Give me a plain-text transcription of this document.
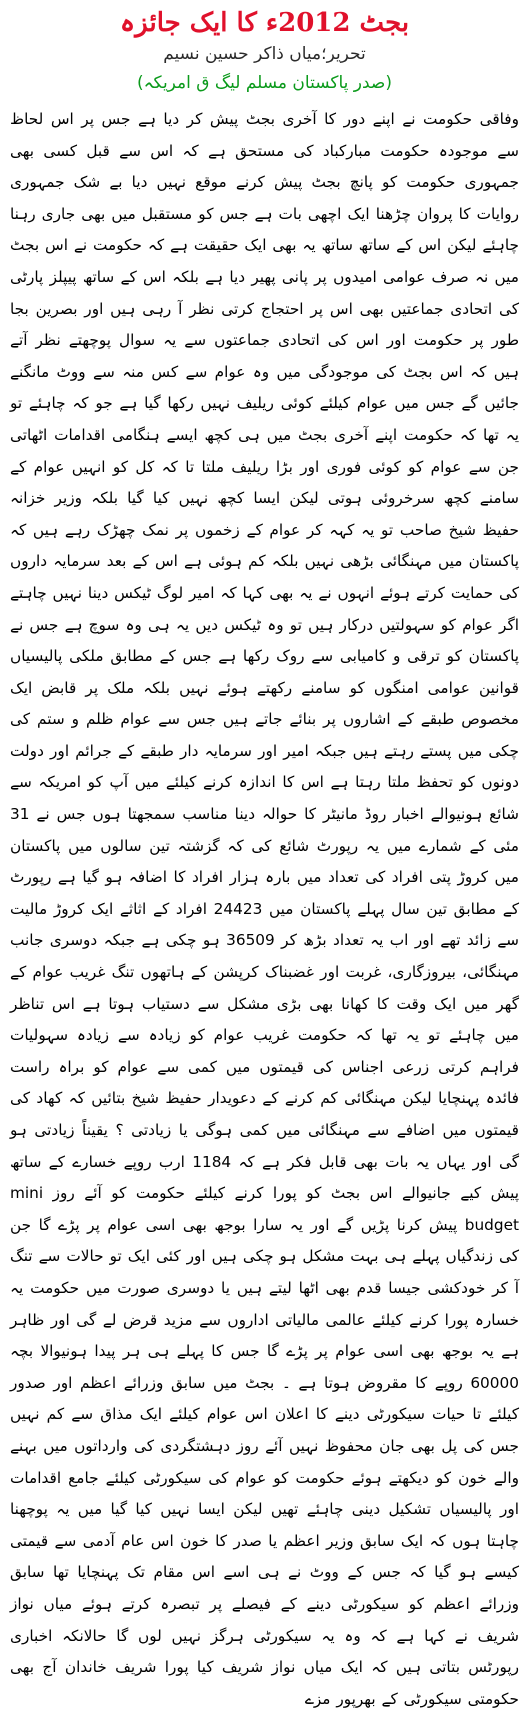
بجٹ 2012ء کا ایک جائزہ

تحریر؛میاں ذاکر حسین نسیم

(صدر پاکستان مسلم لیگ ق امریکہ)

وفاقی حکومت نے اپنے دور کا آخری بجٹ پیش کر دیا ہے جس پر اس لحاظ سے موجودہ حکومت مبارکباد کی مستحق ہے کہ اس سے قبل کسی بھی جمہوری حکومت کو پانچ بجٹ پیش کرنے موقع نہیں دیا بے شک جمہوری روایات کا پروان چڑھنا ایک اچھی بات ہے جس کو مستقبل میں بھی جاری رہنا چاہئے لیکن اس کے ساتھ ساتھ یہ بھی ایک حقیقت ہے کہ حکومت نے اس بجٹ میں نہ صرف عوامی امیدوں پر پانی پھیر دیا ہے بلکہ اس کے ساتھ پیپلز پارٹی کی اتحادی جماعتیں بھی اس پر احتجاج کرتی نظر آ رہی ہیں اور بصرین بجا طور پر حکومت اور اس کی اتحادی جماعتوں سے یہ سوال پوچھتے نظر آتے ہیں کہ اس بجٹ کی موجودگی میں وہ عوام سے کس منہ سے ووٹ مانگنے جائیں گے جس میں عوام کیلئے کوئی ریلیف نہیں رکھا گیا ہے جو کہ چاہئے تو یہ تھا کہ حکومت اپنے آخری بجٹ میں ہی کچھ ایسے ہنگامی اقدامات اٹھاتی جن سے عوام کو کوئی فوری اور بڑا ریلیف ملتا تا کہ کل کو انہیں عوام کے سامنے کچھ سرخروئی ہوتی لیکن ایسا کچھ نہیں کیا گیا بلکہ وزیر خزانہ حفیظ شیخ صاحب تو یہ کہہ کر عوام کے زخموں پر نمک چھڑک رہے ہیں کہ پاکستان میں مہنگائی بڑھی نہیں بلکہ کم ہوئی ہے اس کے بعد سرمایہ داروں کی حمایت کرتے ہوئے انہوں نے یہ بھی کہا کہ امیر لوگ ٹیکس دینا نہیں چاہتے اگر عوام کو سہولتیں درکار ہیں تو وہ ٹیکس دیں یہ ہی وہ سوچ ہے جس نے پاکستان کو ترقی و کامیابی سے روک رکھا ہے جس کے مطابق ملکی پالیسیاں قوانین عوامی امنگوں کو سامنے رکھتے ہوئے نہیں بلکہ ملک پر قابض ایک مخصوص طبقے کے اشاروں پر بنائے جاتے ہیں جس سے عوام ظلم و ستم کی چکی میں پستے رہتے ہیں جبکہ امیر اور سرمایہ دار طبقے کے جرائم اور دولت دونوں کو تحفظ ملتا رہتا ہے اس کا اندازہ کرنے کیلئے میں آپ کو امریکہ سے شائع ہونیوالے اخبار روڈ مانیٹر کا حوالہ دینا مناسب سمجھتا ہوں جس نے 31 مئی کے شمارے میں یہ رپورٹ شائع کی کہ گزشتہ تین سالوں میں پاکستان میں کروڑ پتی افراد کی تعداد میں بارہ ہزار افراد کا اضافہ ہو گیا ہے رپورٹ کے مطابق تین سال پہلے پاکستان میں 24423 افراد کے اثاثے ایک کروڑ مالیت سے زائد تھے اور اب یہ تعداد بڑھ کر 36509 ہو چکی ہے جبکہ دوسری جانب مہنگائی، بیروزگاری، غربت اور غضبناک کرپشن کے ہاتھوں تنگ غریب عوام کے گھر میں ایک وقت کا کھانا بھی بڑی مشکل سے دستیاب ہوتا ہے اس تناظر میں چاہئے تو یہ تھا کہ حکومت غریب عوام کو زیادہ سے زیادہ سہولیات فراہم کرتی زرعی اجناس کی قیمتوں میں کمی سے عوام کو براہ راست فائدہ پہنچایا لیکن مہنگائی کم کرنے کے دعویدار حفیظ شیخ بتائیں کہ کھاد کی قیمتوں میں اضافے سے مہنگائی میں کمی ہوگی یا زیادتی ؟ یقیناً زیادتی ہو گی اور یہاں یہ بات بھی قابل فکر ہے کہ 1184 ارب روپے خسارے کے ساتھ پیش کیے جانیوالے اس بجٹ کو پورا کرنے کیلئے حکومت کو آئے روز mini budget پیش کرنا پڑیں گے اور یہ سارا بوجھ بھی اسی عوام پر پڑے گا جن کی زندگیاں پہلے ہی بہت مشکل ہو چکی ہیں اور کئی ایک تو حالات سے تنگ آ کر خودکشی جیسا قدم بھی اٹھا لیتے ہیں یا دوسری صورت میں حکومت یہ خسارہ پورا کرنے کیلئے عالمی مالیاتی اداروں سے مزید قرض لے گی اور ظاہر ہے یہ بوجھ بھی اسی عوام پر پڑے گا جس کا پہلے ہی ہر پیدا ہونیوالا بچہ 60000 روپے کا مقروض ہوتا ہے ۔ بجٹ میں سابق وزرائے اعظم اور صدور کیلئے تا حیات سیکورٹی دینے کا اعلان اس عوام کیلئے ایک مذاق سے کم نہیں جس کی پل بھی جان محفوظ نہیں آئے روز دہشتگردی کی وارداتوں میں بہنے والے خون کو دیکھتے ہوئے حکومت کو عوام کی سیکورٹی کیلئے جامع اقدامات اور پالیسیاں تشکیل دینی چاہئے تھیں لیکن ایسا نہیں کیا گیا میں یہ پوچھنا چاہتا ہوں کہ ایک سابق وزیر اعظم یا صدر کا خون اس عام آدمی سے قیمتی کیسے ہو گیا کہ جس کے ووٹ نے ہی اسے اس مقام تک پہنچایا تھا سابق وزرائے اعظم کو سیکورٹی دینے کے فیصلے پر تبصرہ کرتے ہوئے میاں نواز شریف نے کہا ہے کہ وہ یہ سیکورٹی ہرگز نہیں لوں گا حالانکہ اخباری رپورٹس بتاتی ہیں کہ ایک میاں نواز شریف کیا پورا شریف خاندان آج بھی حکومتی سیکورٹی کے بھرپور مزے
